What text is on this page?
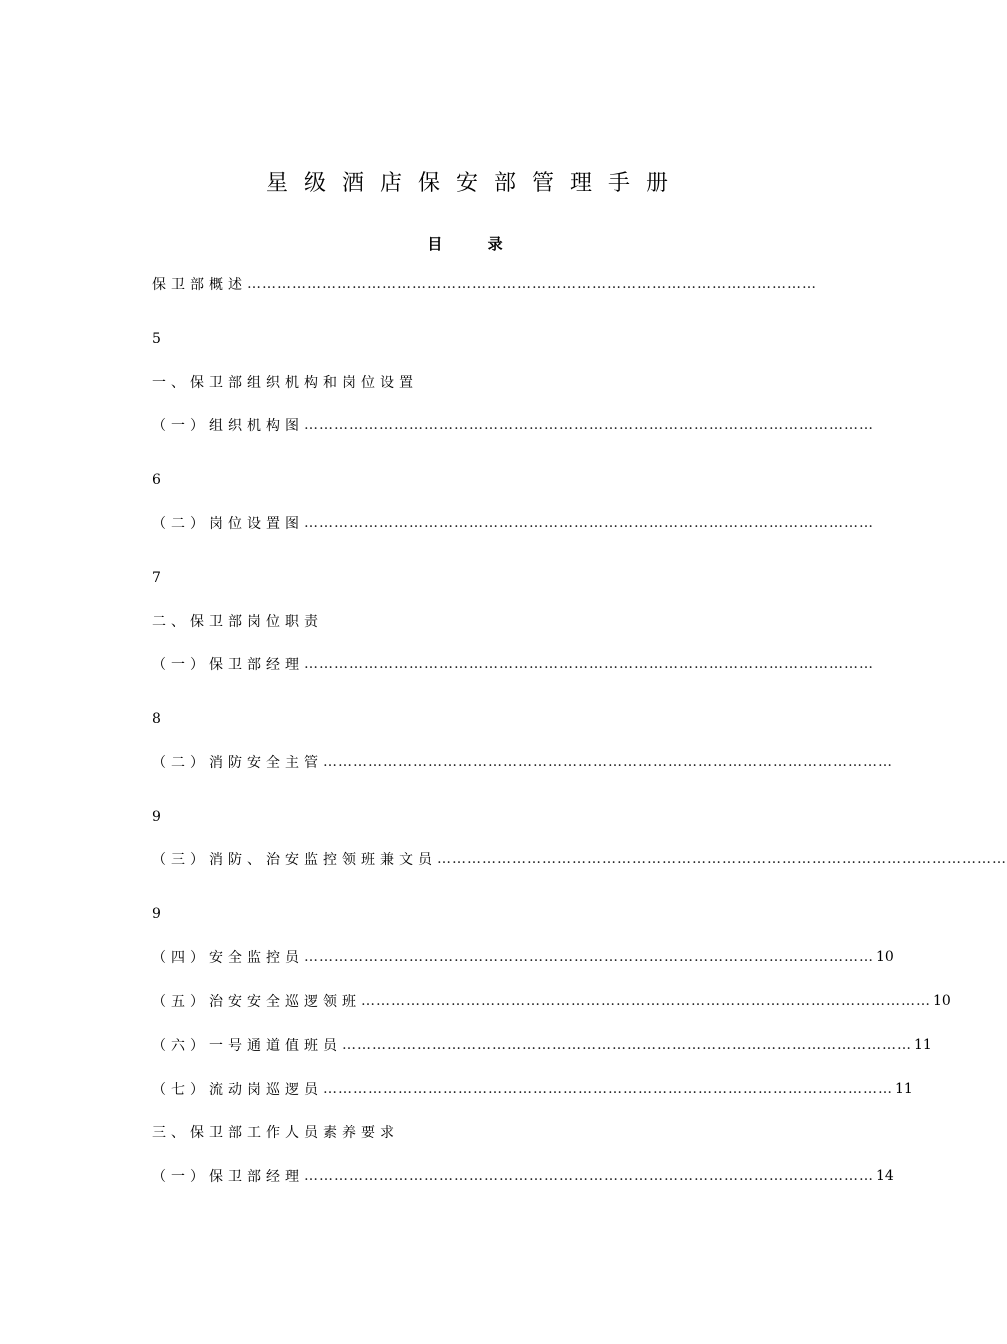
星级酒店保安部管理手册
目 录
保卫部概述 ……………………………………………………………………………………………………
5
一、保卫部组织机构和岗位设置
（一）组织机构图 ……………………………………………………………………………………………………
6
（二）岗位设置图 ……………………………………………………………………………………………………
7
二、保卫部岗位职责
（一）保卫部经理 ……………………………………………………………………………………………………
8
（二）消防安全主管 ……………………………………………………………………………………………………
9
（三）消防、治安监控领班兼文员 ……………………………………………………………………………………………………
9
（四）安全监控员 …………………………………………………………………………………………………… 10
（五）治安安全巡逻领班 …………………………………………………………………………………………………… 10
（六）一号通道值班员 …………………………………………………………………………………………………… 11
（七）流动岗巡逻员 …………………………………………………………………………………………………… 11
三、保卫部工作人员素养要求
（一）保卫部经理 …………………………………………………………………………………………………… 14
